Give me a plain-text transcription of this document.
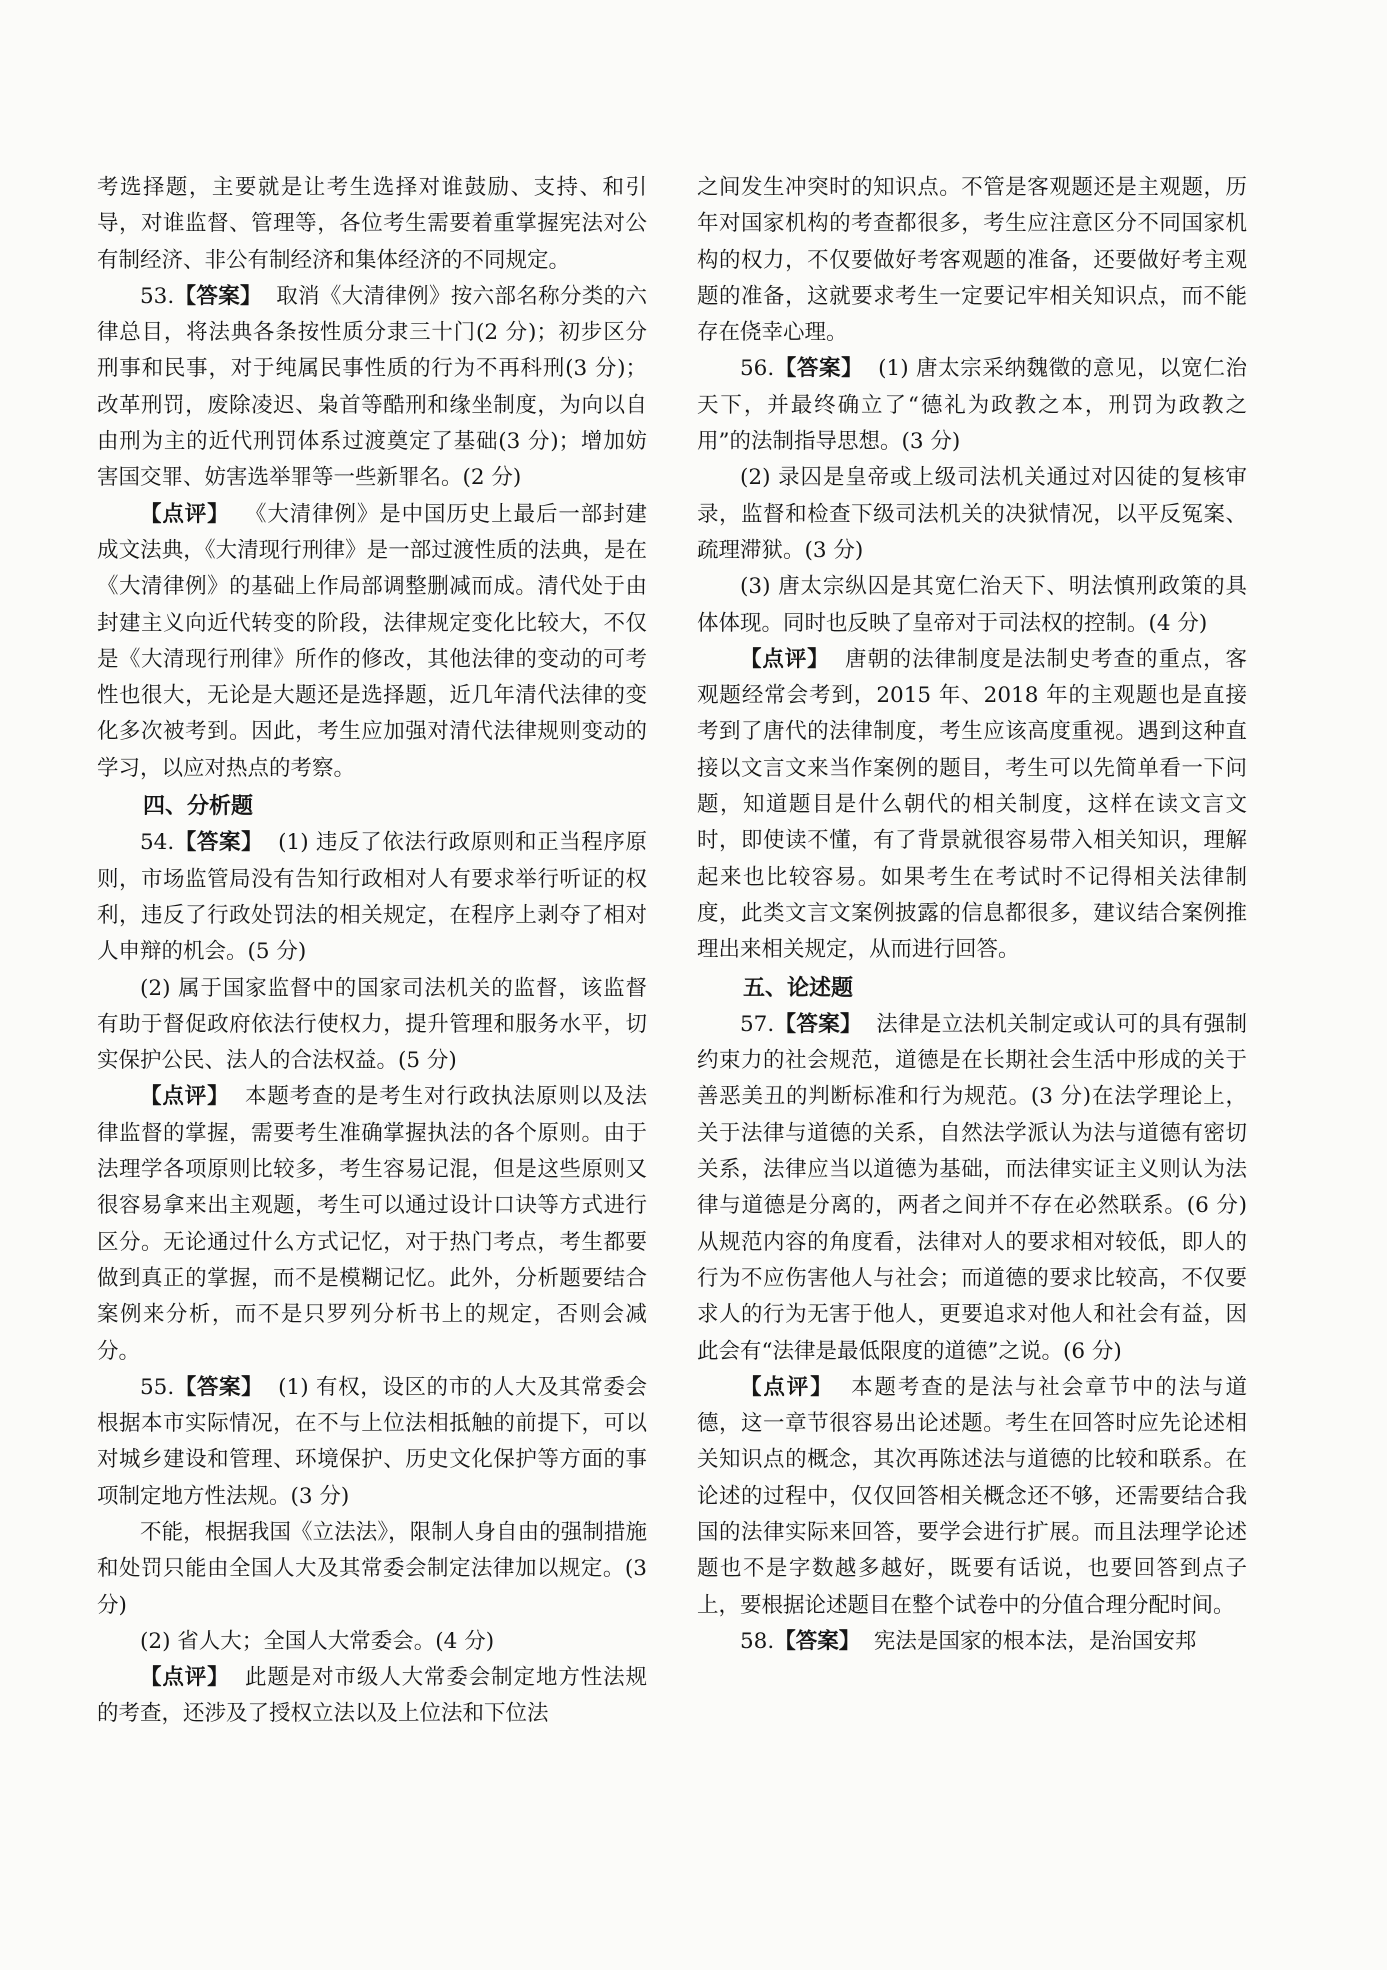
考选择题，主要就是让考生选择对谁鼓励、支持、和引导，对谁监督、管理等，各位考生需要着重掌握宪法对公有制经济、非公有制经济和集体经济的不同规定。

53.【答案】 取消《大清律例》按六部名称分类的六律总目，将法典各条按性质分隶三十门(2 分)；初步区分刑事和民事，对于纯属民事性质的行为不再科刑(3 分)；改革刑罚，废除凌迟、枭首等酷刑和缘坐制度，为向以自由刑为主的近代刑罚体系过渡奠定了基础(3 分)；增加妨害国交罪、妨害选举罪等一些新罪名。(2 分)

【点评】 《大清律例》是中国历史上最后一部封建成文法典，《大清现行刑律》是一部过渡性质的法典，是在《大清律例》的基础上作局部调整删减而成。清代处于由封建主义向近代转变的阶段，法律规定变化比较大，不仅是《大清现行刑律》所作的修改，其他法律的变动的可考性也很大，无论是大题还是选择题，近几年清代法律的变化多次被考到。因此，考生应加强对清代法律规则变动的学习，以应对热点的考察。

四、分析题

54.【答案】 (1) 违反了依法行政原则和正当程序原则，市场监管局没有告知行政相对人有要求举行听证的权利，违反了行政处罚法的相关规定，在程序上剥夺了相对人申辩的机会。(5 分)

(2) 属于国家监督中的国家司法机关的监督，该监督有助于督促政府依法行使权力，提升管理和服务水平，切实保护公民、法人的合法权益。(5 分)

【点评】 本题考查的是考生对行政执法原则以及法律监督的掌握，需要考生准确掌握执法的各个原则。由于法理学各项原则比较多，考生容易记混，但是这些原则又很容易拿来出主观题，考生可以通过设计口诀等方式进行区分。无论通过什么方式记忆，对于热门考点，考生都要做到真正的掌握，而不是模糊记忆。此外，分析题要结合案例来分析，而不是只罗列分析书上的规定，否则会减分。

55.【答案】 (1) 有权，设区的市的人大及其常委会根据本市实际情况，在不与上位法相抵触的前提下，可以对城乡建设和管理、环境保护、历史文化保护等方面的事项制定地方性法规。(3 分)

不能，根据我国《立法法》，限制人身自由的强制措施和处罚只能由全国人大及其常委会制定法律加以规定。(3 分)

(2) 省人大；全国人大常委会。(4 分)

【点评】 此题是对市级人大常委会制定地方性法规的考查，还涉及了授权立法以及上位法和下位法

之间发生冲突时的知识点。不管是客观题还是主观题，历年对国家机构的考查都很多，考生应注意区分不同国家机构的权力，不仅要做好考客观题的准备，还要做好考主观题的准备，这就要求考生一定要记牢相关知识点，而不能存在侥幸心理。

56.【答案】 (1) 唐太宗采纳魏徵的意见，以宽仁治天下，并最终确立了“德礼为政教之本，刑罚为政教之用”的法制指导思想。(3 分)

(2) 录囚是皇帝或上级司法机关通过对囚徒的复核审录，监督和检查下级司法机关的决狱情况，以平反冤案、疏理滞狱。(3 分)

(3) 唐太宗纵囚是其宽仁治天下、明法慎刑政策的具体体现。同时也反映了皇帝对于司法权的控制。(4 分)

【点评】 唐朝的法律制度是法制史考查的重点，客观题经常会考到，2015 年、2018 年的主观题也是直接考到了唐代的法律制度，考生应该高度重视。遇到这种直接以文言文来当作案例的题目，考生可以先简单看一下问题，知道题目是什么朝代的相关制度，这样在读文言文时，即使读不懂，有了背景就很容易带入相关知识，理解起来也比较容易。如果考生在考试时不记得相关法律制度，此类文言文案例披露的信息都很多，建议结合案例推理出来相关规定，从而进行回答。

五、论述题

57.【答案】 法律是立法机关制定或认可的具有强制约束力的社会规范，道德是在长期社会生活中形成的关于善恶美丑的判断标准和行为规范。(3 分)在法学理论上，关于法律与道德的关系，自然法学派认为法与道德有密切关系，法律应当以道德为基础，而法律实证主义则认为法律与道德是分离的，两者之间并不存在必然联系。(6 分)从规范内容的角度看，法律对人的要求相对较低，即人的行为不应伤害他人与社会；而道德的要求比较高，不仅要求人的行为无害于他人，更要追求对他人和社会有益，因此会有“法律是最低限度的道德”之说。(6 分)

【点评】 本题考查的是法与社会章节中的法与道德，这一章节很容易出论述题。考生在回答时应先论述相关知识点的概念，其次再陈述法与道德的比较和联系。在论述的过程中，仅仅回答相关概念还不够，还需要结合我国的法律实际来回答，要学会进行扩展。而且法理学论述题也不是字数越多越好，既要有话说，也要回答到点子上，要根据论述题目在整个试卷中的分值合理分配时间。

58.【答案】 宪法是国家的根本法，是治国安邦
